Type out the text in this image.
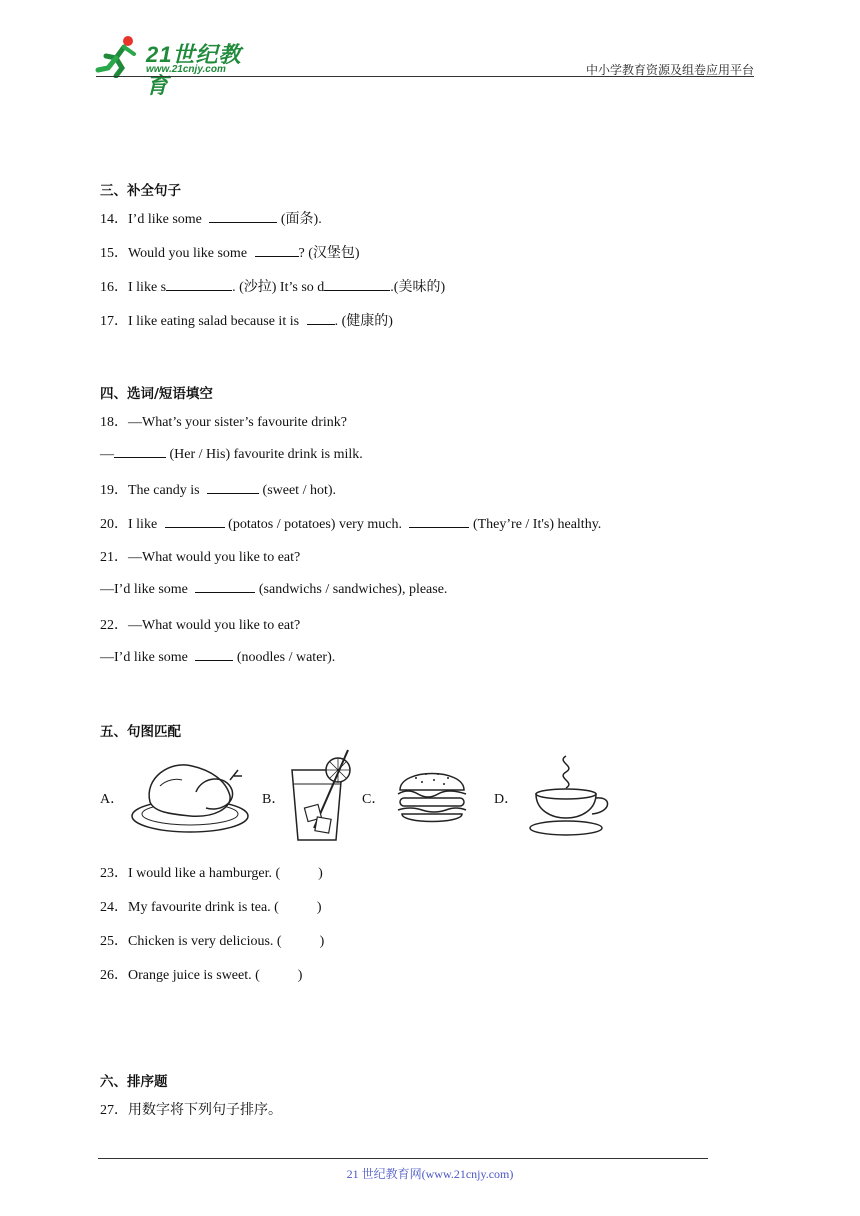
21世纪教育
www.21cnjy.com	中小学教育资源及组卷应用平台
三、补全句子
14．I’d like some	(面条).
15．Would you like some	? (汉堡包)
16．I like s	. (沙拉) It’s so d	.(美味的)
17．I like eating salad because it is . (健康的)
四、选词/短语填空
18．—What’s your sister’s favourite drink?
—	(Her / His) favourite drink is milk.
19．The candy is	(sweet / hot).
20．I like	(potatos / potatoes) very much.	(They’re / It's) healthy.
21．—What would you like to eat?
—I’d like some	(sandwichs / sandwiches), please.
22．—What would you like to eat?
—I’d like some	(noodles / water).
五、句图匹配
A．	B．	C．	D．
23．I would like a hamburger. (	)
24．My favourite drink is tea. (	)
25．Chicken is very delicious. (	)
26．Orange juice is sweet. (	)
六、排序题
27．用数字将下列句子排序。
21 世纪教育网(www.21cnjy.com)
